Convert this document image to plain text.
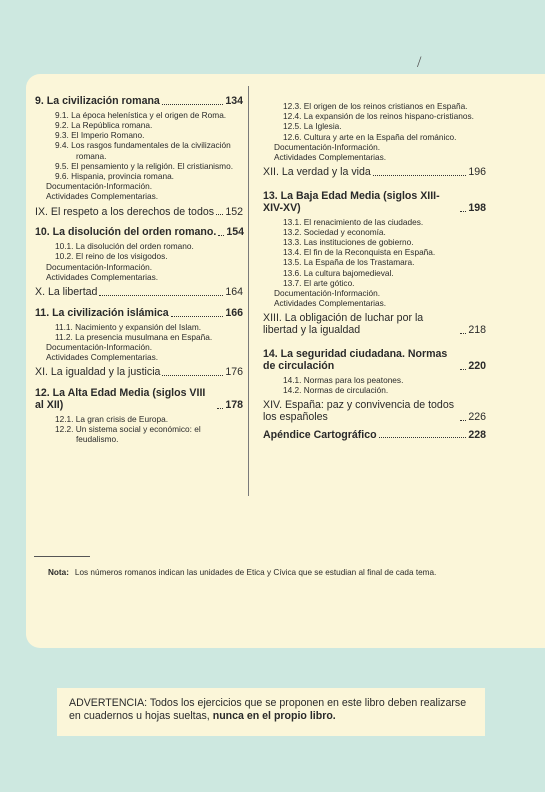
/
9. La civilización romana	134
9.1. La época helenística y el origen de Roma.
9.2. La República romana.
9.3. El Imperio Romano.
9.4. Los rasgos fundamentales de la civilización romana.
9.5. El pensamiento y la religión. El cristianismo.
9.6. Hispania, provincia romana.
Documentación-Información.
Actividades Complementarias.
IX. El respeto a los derechos de todos 152
10. La disolución del orden romano. 154
10.1. La disolución del orden romano.
10.2. El reino de los visigodos.
Documentación-Información.
Actividades Complementarias.
X. La libertad	164
11. La civilización islámica	166
11.1. Nacimiento y expansión del Islam.
11.2. La presencia musulmana en España.
Documentación-Información.
Actividades Complementarias.
XI. La igualdad y la justicia	176
12. La Alta Edad Media (siglos VIII al XII)	178
12.1. La gran crisis de Europa.
12.2. Un sistema social y económico: el feudalismo.
12.3. El origen de los reinos cristianos en España.
12.4. La expansión de los reinos hispano-cristianos.
12.5. La Iglesia.
12.6. Cultura y arte en la España del románico.
Documentación-Información.
Actividades Complementarias.
XII. La verdad y la vida	196
13. La Baja Edad Media (siglos XIII-XIV-XV)	198
13.1. El renacimiento de las ciudades.
13.2. Sociedad y economía.
13.3. Las instituciones de gobierno.
13.4. El fin de la Reconquista en España.
13.5. La España de los Trastamara.
13.6. La cultura bajomedieval.
13.7. El arte gótico.
Documentación-Información.
Actividades Complementarias.
XIII. La obligación de luchar por la libertad y la igualdad	218
14. La seguridad ciudadana. Normas de circulación	220
14.1. Normas para los peatones.
14.2. Normas de circulación.
XIV. España: paz y convivencia de todos los españoles	226
Apéndice Cartográfico	228
Nota: Los números romanos indican las unidades de Etica y Cívica que se estudian al final de cada tema.
ADVERTENCIA: Todos los ejercicios que se proponen en este libro deben realizarse en cuadernos u hojas sueltas, nunca en el propio libro.
